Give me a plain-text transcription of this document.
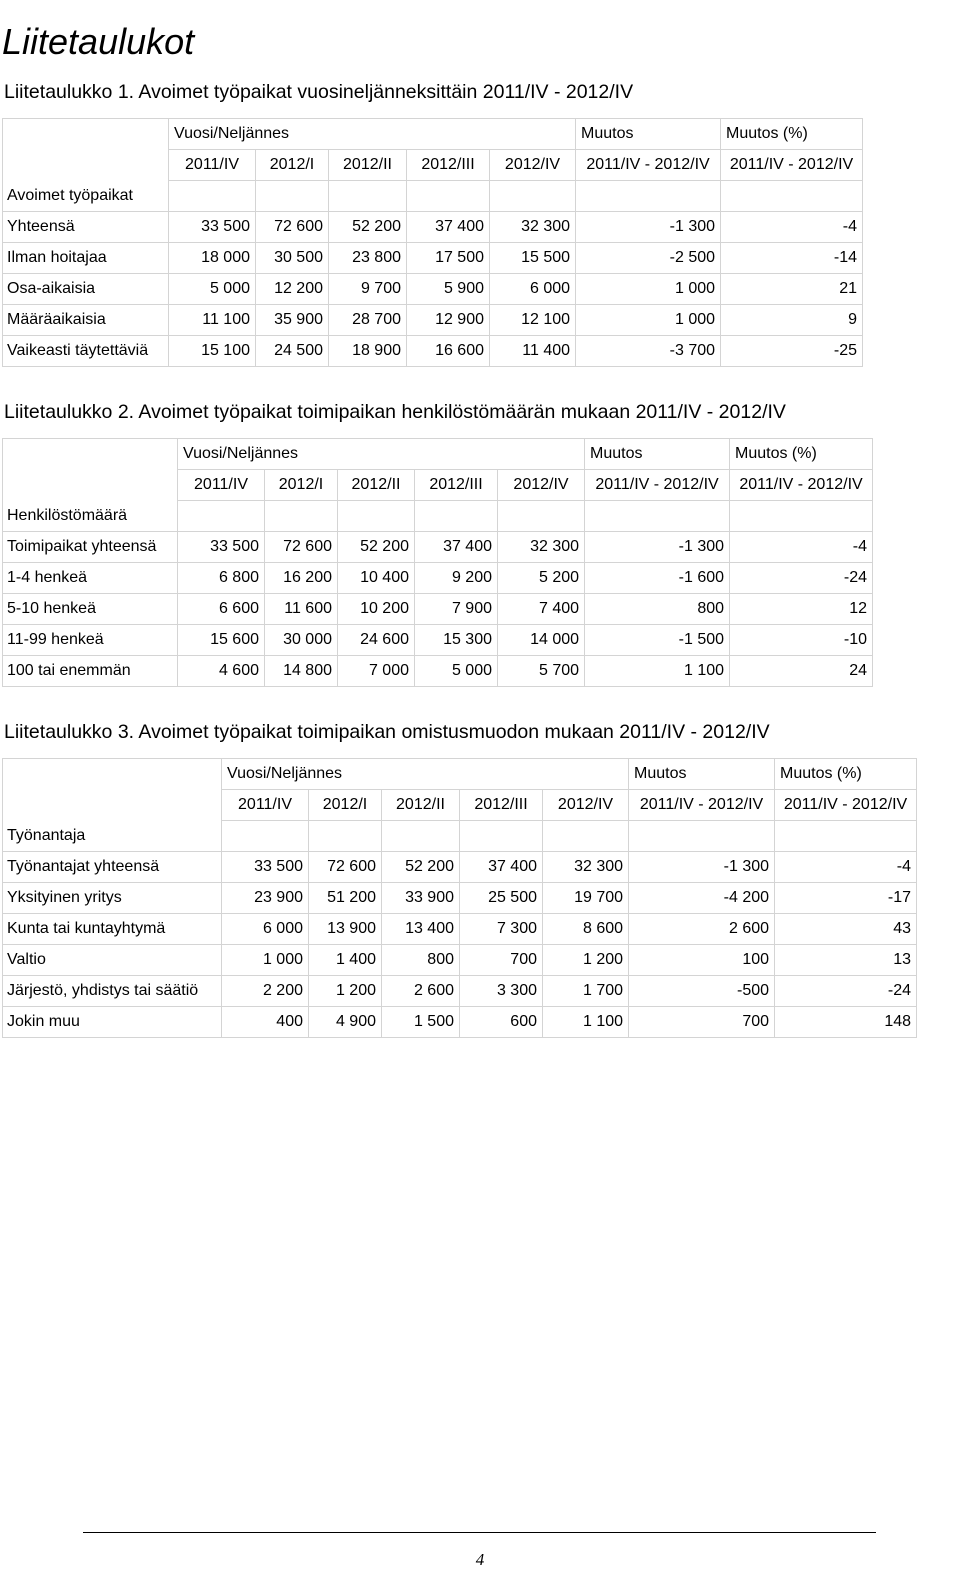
Liitetaulukot
Liitetaulukko 1. Avoimet työpaikat vuosineljänneksittäin 2011/IV - 2012/IV
Avoimet työpaikat	Vuosi/Neljännes					Muutos	Muutos (%)
	2011/IV	2012/I	2012/II	2012/III	2012/IV	2011/IV - 2012/IV	2011/IV - 2012/IV

Yhteensä	33 500	72 600	52 200	37 400	32 300	-1 300	-4
Ilman hoitajaa	18 000	30 500	23 800	17 500	15 500	-2 500	-14
Osa-aikaisia	5 000	12 200	9 700	5 900	6 000	1 000	21
Määräaikaisia	11 100	35 900	28 700	12 900	12 100	1 000	9
Vaikeasti täytettäviä	15 100	24 500	18 900	16 600	11 400	-3 700	-25
Liitetaulukko 2. Avoimet työpaikat toimipaikan henkilöstömäärän mukaan 2011/IV - 2012/IV
Henkilöstömäärä	Vuosi/Neljännes					Muutos	Muutos (%)
	2011/IV	2012/I	2012/II	2012/III	2012/IV	2011/IV - 2012/IV	2011/IV - 2012/IV

Toimipaikat yhteensä	33 500	72 600	52 200	37 400	32 300	-1 300	-4
1-4 henkeä	6 800	16 200	10 400	9 200	5 200	-1 600	-24
5-10 henkeä	6 600	11 600	10 200	7 900	7 400	800	12
11-99 henkeä	15 600	30 000	24 600	15 300	14 000	-1 500	-10
100 tai enemmän	4 600	14 800	7 000	5 000	5 700	1 100	24
Liitetaulukko 3. Avoimet työpaikat toimipaikan omistusmuodon mukaan 2011/IV - 2012/IV
Työnantaja	Vuosi/Neljännes					Muutos	Muutos (%)
	2011/IV	2012/I	2012/II	2012/III	2012/IV	2011/IV - 2012/IV	2011/IV - 2012/IV

Työnantajat yhteensä	33 500	72 600	52 200	37 400	32 300	-1 300	-4
Yksityinen yritys	23 900	51 200	33 900	25 500	19 700	-4 200	-17
Kunta tai kuntayhtymä	6 000	13 900	13 400	7 300	8 600	2 600	43
Valtio	1 000	1 400	800	700	1 200	100	13
Järjestö, yhdistys tai säätiö	2 200	1 200	2 600	3 300	1 700	-500	-24
Jokin muu	400	4 900	1 500	600	1 100	700	148
4
